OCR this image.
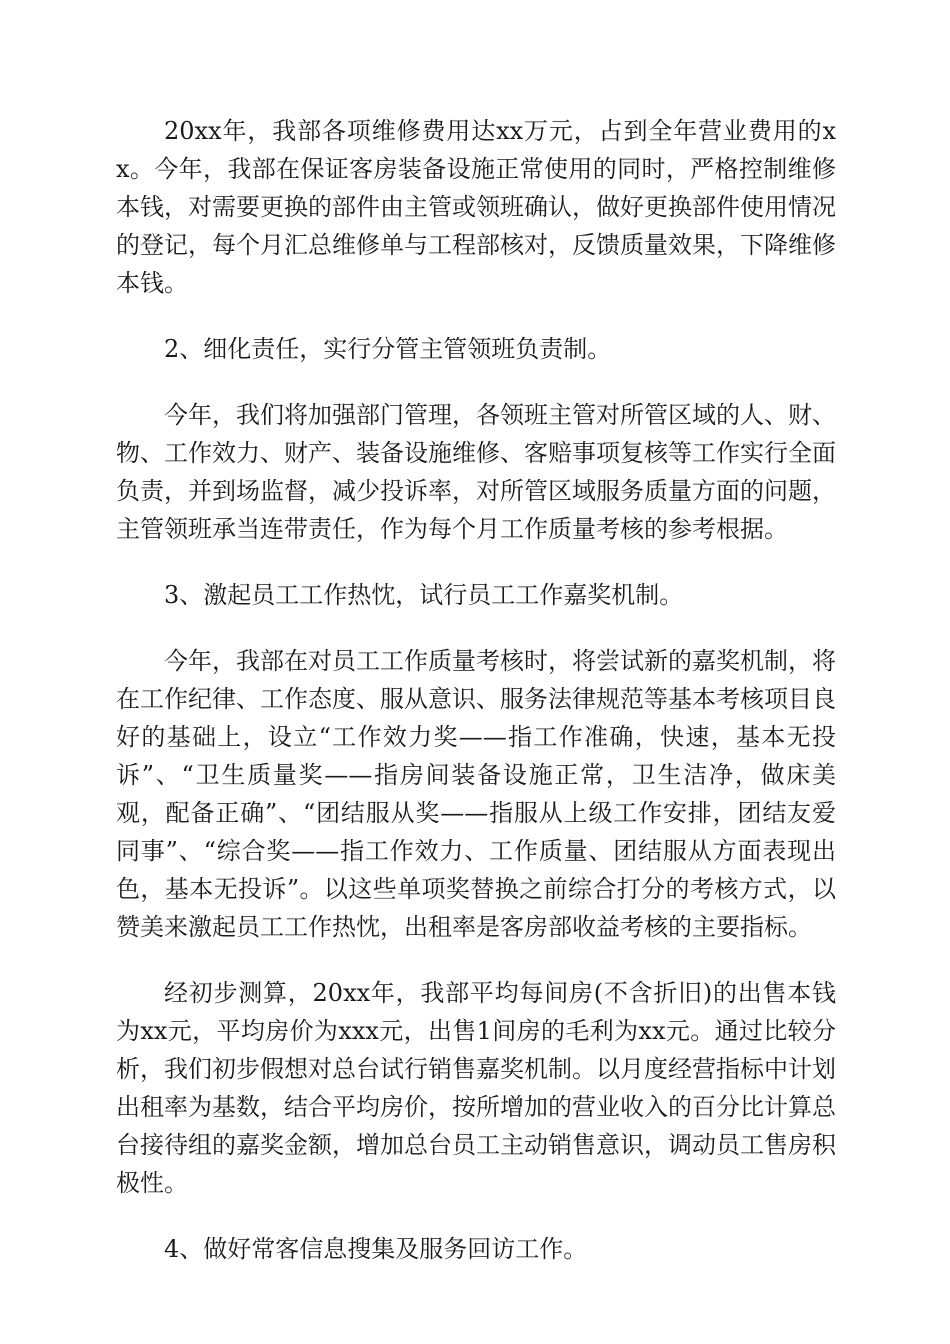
20xx年，我部各项维修费用达xx万元，占到全年营业费用的xx。今年，我部在保证客房装备设施正常使用的同时，严格控制维修本钱，对需要更换的部件由主管或领班确认，做好更换部件使用情况的登记，每个月汇总维修单与工程部核对，反馈质量效果，下降维修本钱。

2、细化责任，实行分管主管领班负责制。

今年，我们将加强部门管理，各领班主管对所管区域的人、财、物、工作效力、财产、装备设施维修、客赔事项复核等工作实行全面负责，并到场监督，减少投诉率，对所管区域服务质量方面的问题，主管领班承当连带责任，作为每个月工作质量考核的参考根据。

3、激起员工工作热忱，试行员工工作嘉奖机制。

今年，我部在对员工工作质量考核时，将尝试新的嘉奖机制，将在工作纪律、工作态度、服从意识、服务法律规范等基本考核项目良好的基础上，设立“工作效力奖——指工作准确，快速，基本无投诉”、“卫生质量奖——指房间装备设施正常，卫生洁净，做床美观，配备正确”、“团结服从奖——指服从上级工作安排，团结友爱同事”、“综合奖——指工作效力、工作质量、团结服从方面表现出色，基本无投诉”。以这些单项奖替换之前综合打分的考核方式，以赞美来激起员工工作热忱，出租率是客房部收益考核的主要指标。

经初步测算，20xx年，我部平均每间房(不含折旧)的出售本钱为xx元，平均房价为xxx元，出售1间房的毛利为xx元。通过比较分析，我们初步假想对总台试行销售嘉奖机制。以月度经营指标中计划出租率为基数，结合平均房价，按所增加的营业收入的百分比计算总台接待组的嘉奖金额，增加总台员工主动销售意识，调动员工售房积极性。

4、做好常客信息搜集及服务回访工作。
